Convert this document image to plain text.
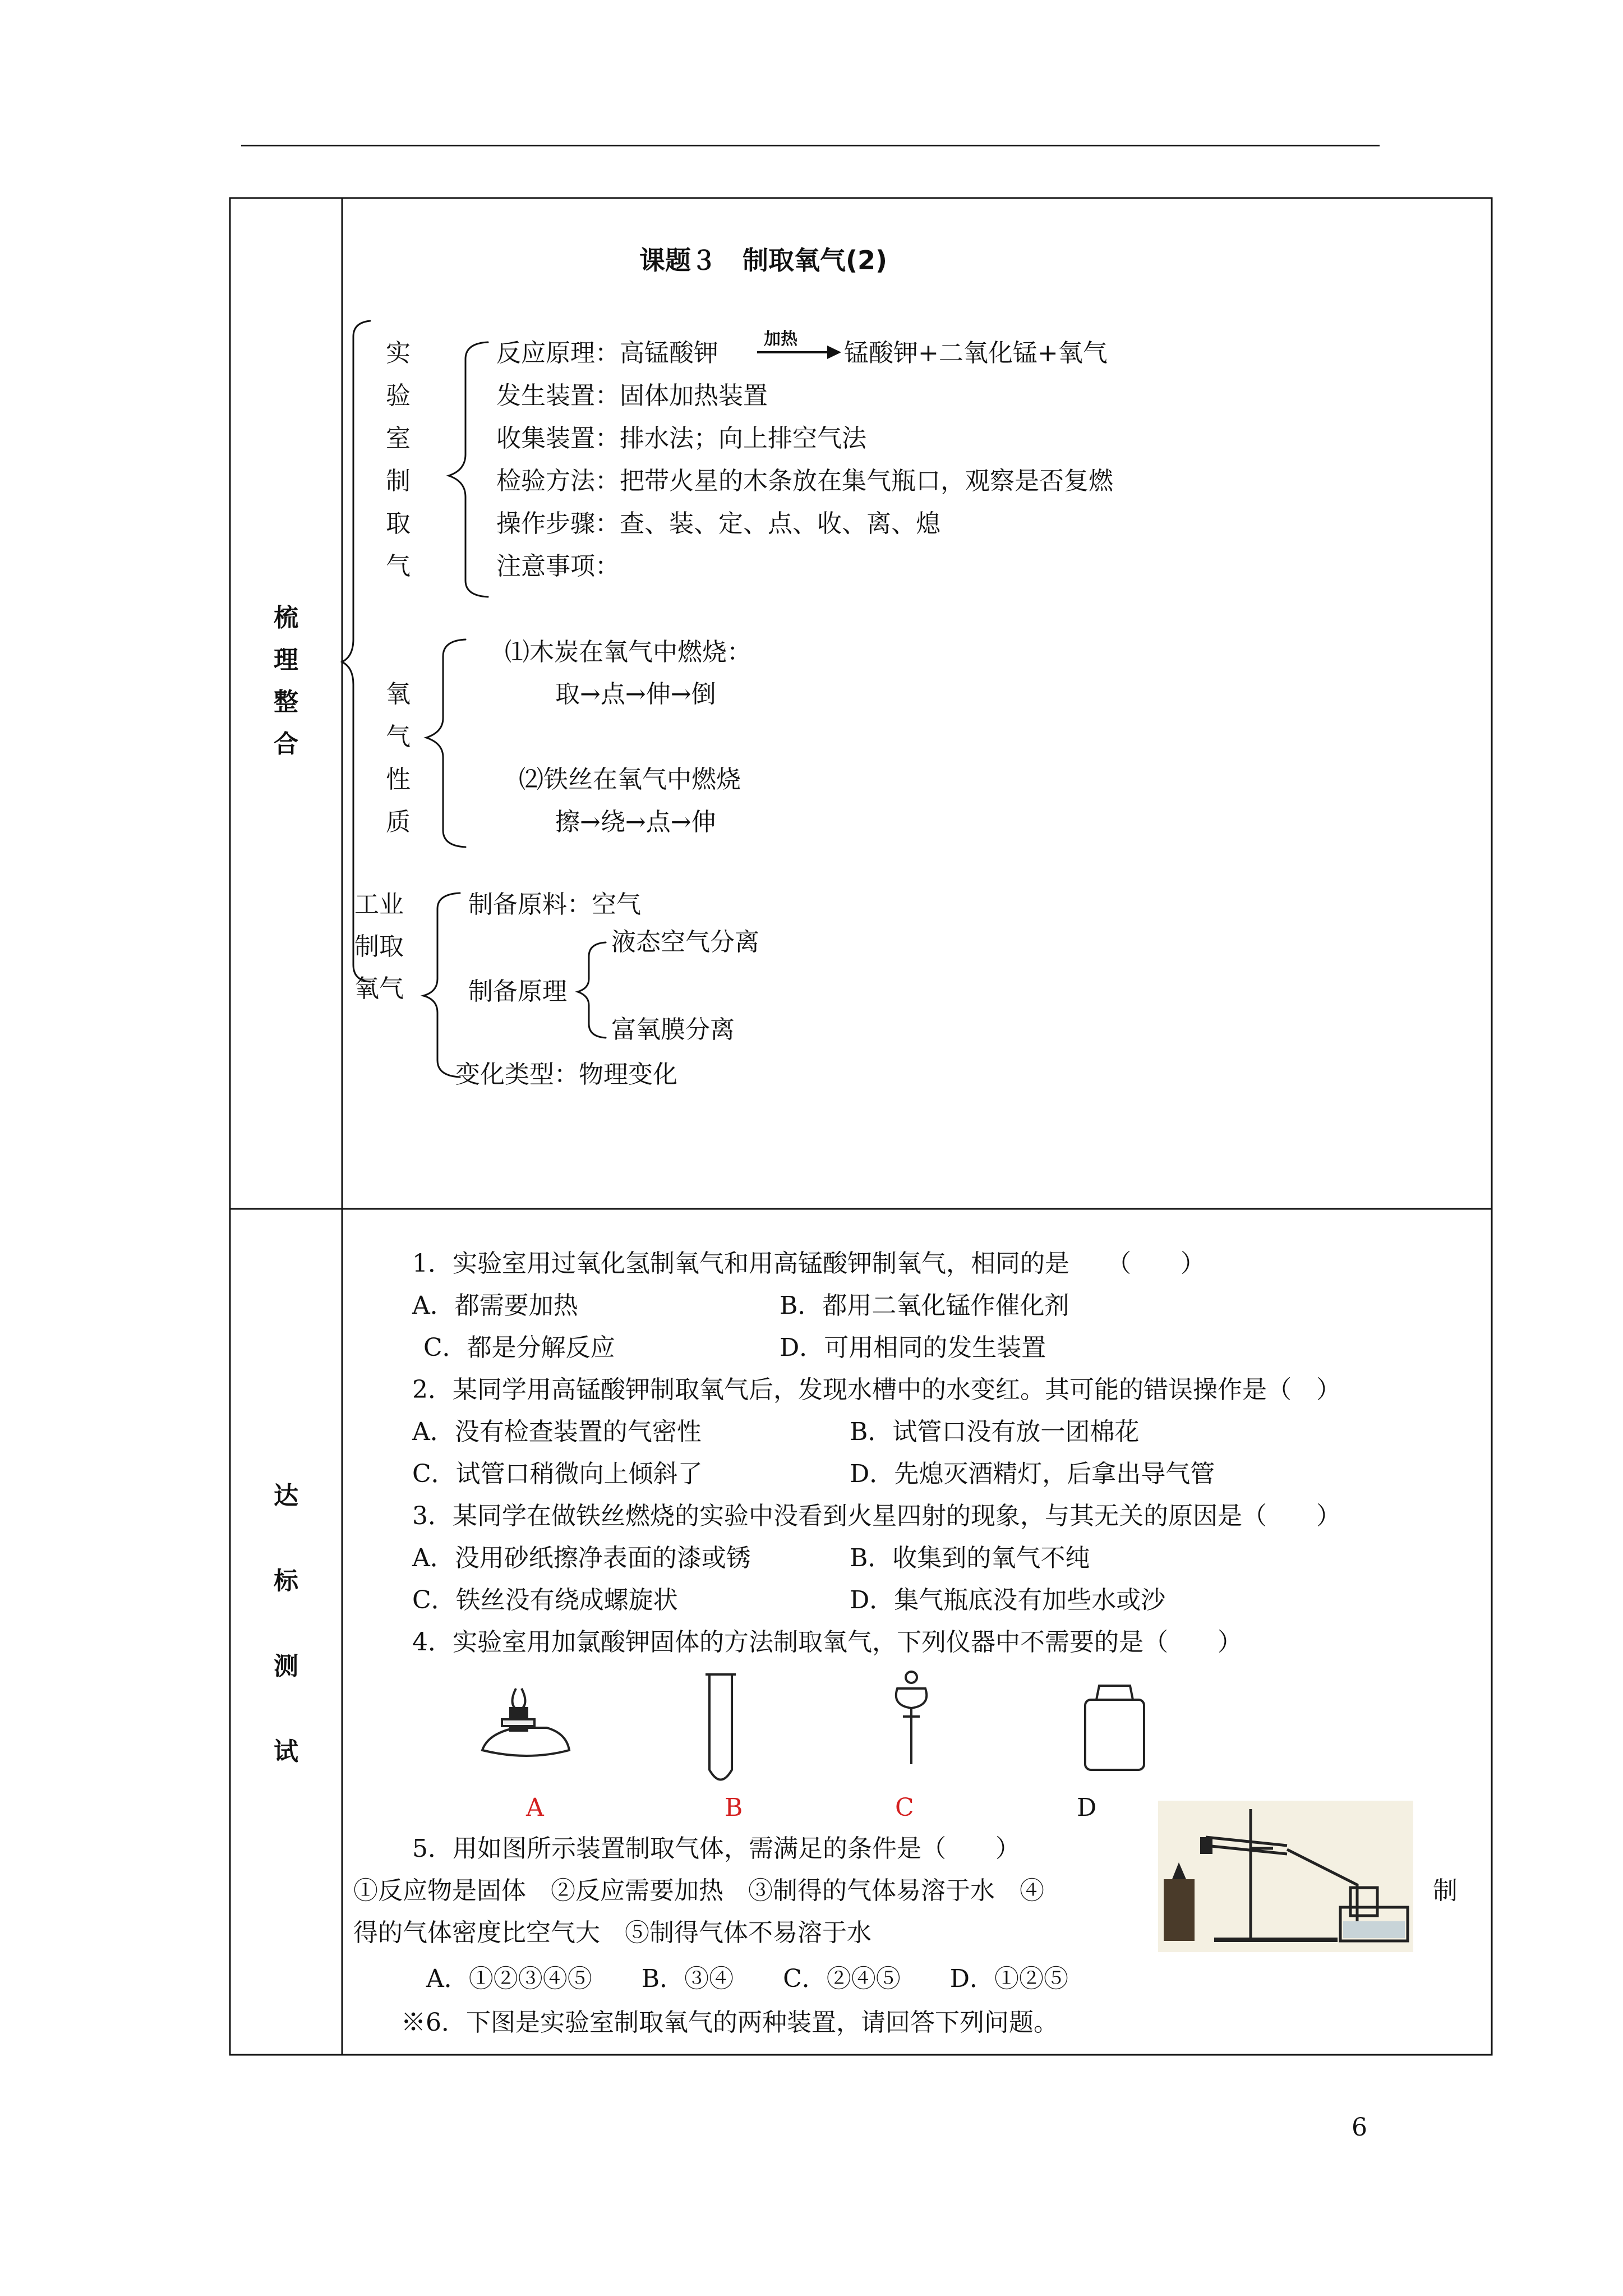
梳
理
整
合
课题３　制取氧气(2)
实
验
室
制
取
气
反应原理：高锰酸钾	加热 锰酸钾+二氧化锰+氧气
发生装置：固体加热装置
收集装置：排水法；向上排空气法
检验方法：把带火星的木条放在集气瓶口，观察是否复燃
操作步骤：查、装、定、点、收、离、熄
注意事项：
氧
气
性
质
⑴木炭在氧气中燃烧：
取→点→伸→倒
⑵铁丝在氧气中燃烧
擦→绕→点→伸
工业
制取
氧气
制备原料：空气
制备原理
液态空气分离
富氧膜分离
变化类型：物理变化
达
标
测
试
1．实验室用过氧化氢制氧气和用高锰酸钾制氧气，相同的是　　（　　）
A．都需要加热	B．都用二氧化锰作催化剂
C．都是分解反应	D．可用相同的发生装置
2．某同学用高锰酸钾制取氧气后，发现水槽中的水变红。其可能的错误操作是（　）
A．没有检查装置的气密性	B．试管口没有放一团棉花
C．试管口稍微向上倾斜了	D．先熄灭酒精灯，后拿出导气管
3．某同学在做铁丝燃烧的实验中没看到火星四射的现象，与其无关的原因是（　　）
A．没用砂纸擦净表面的漆或锈	B．收集到的氧气不纯
C．铁丝没有绕成螺旋状	D．集气瓶底没有加些水或沙
4．实验室用加氯酸钾固体的方法制取氧气，下列仪器中不需要的是（　　）
A	B	C	D
5．用如图所示装置制取气体，需满足的条件是（　　）
①反应物是固体　②反应需要加热　③制得的气体易溶于水　④	制
得的气体密度比空气大　⑤制得气体不易溶于水
A．①②③④⑤　　B．③④　　C．②④⑤　　D．①②⑤
※6．下图是实验室制取氧气的两种装置，请回答下列问题。
6
